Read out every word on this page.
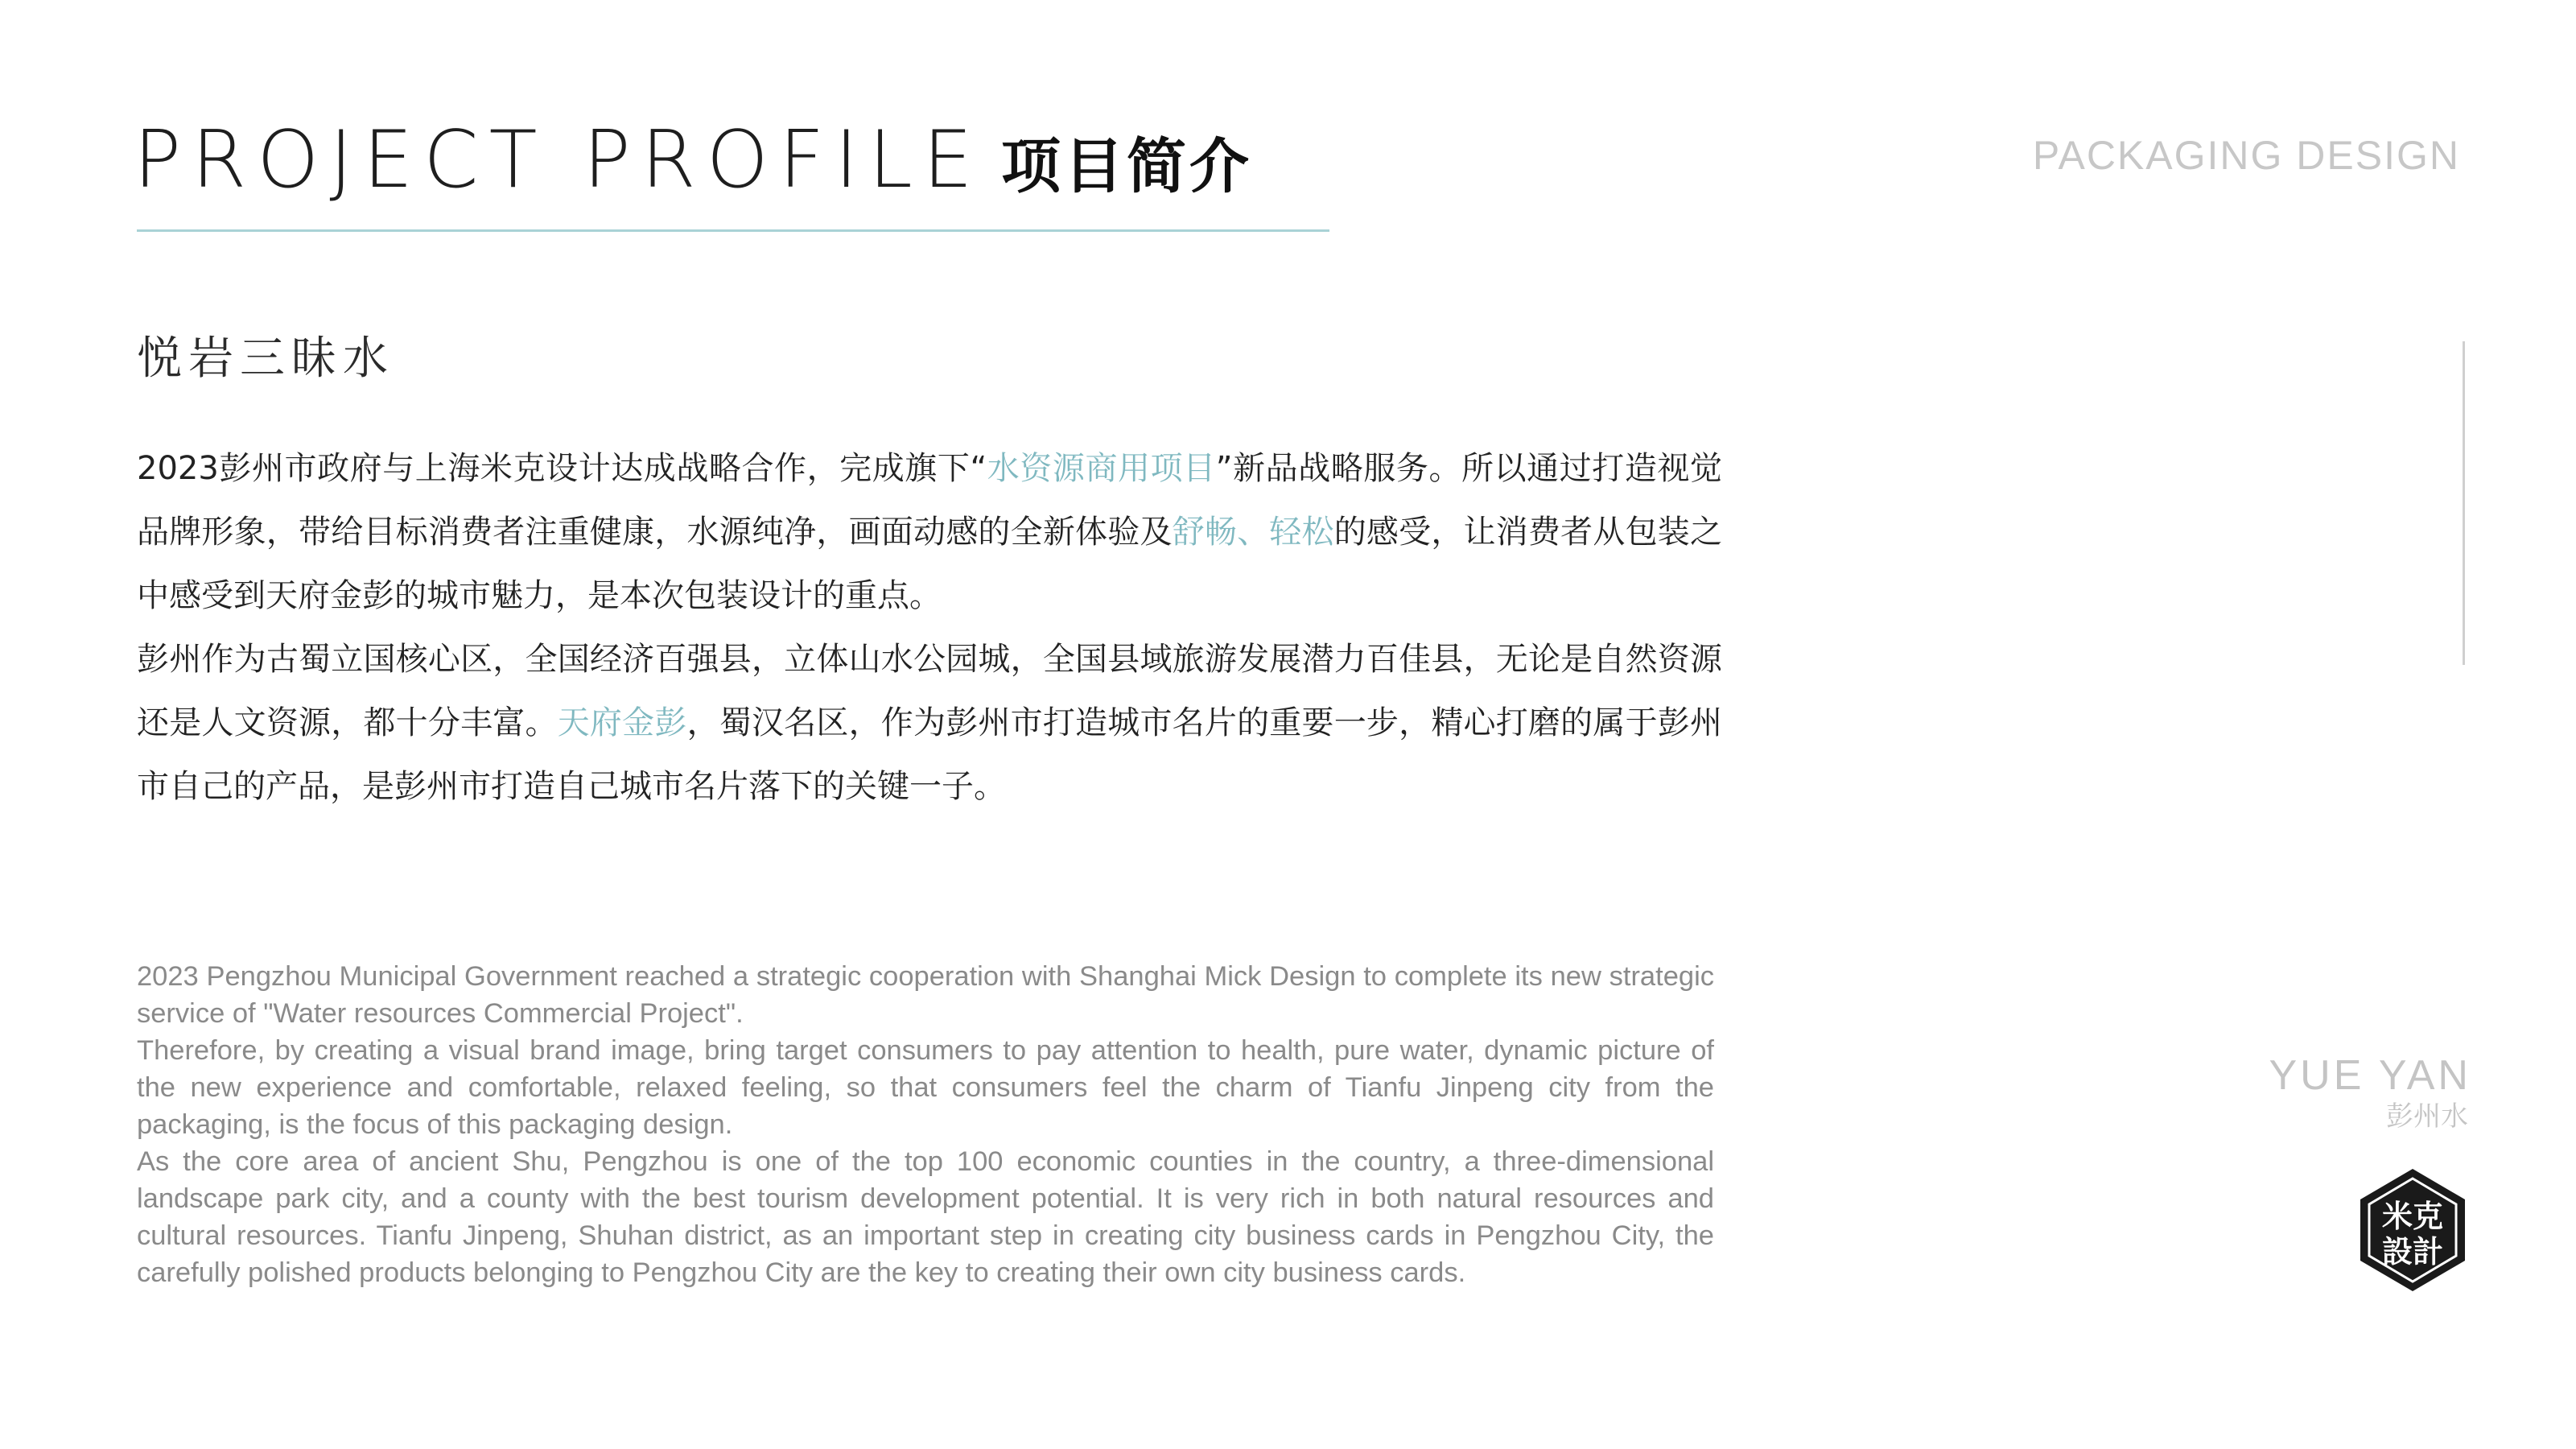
PROJECT PROFILE 项目简介	PACKAGING DESIGN
悦岩三昧水

2023彭州市政府与上海米克设计达成战略合作，完成旗下“水资源商用项目”新品战略服务。所以通过打造视觉品牌形象，带给目标消费者注重健康，水源纯净，画面动感的全新体验及舒畅、轻松的感受，让消费者从包装之中感受到天府金彭的城市魅力，是本次包装设计的重点。

彭州作为古蜀立国核心区，全国经济百强县，立体山水公园城，全国县域旅游发展潜力百佳县，无论是自然资源还是人文资源，都十分丰富。天府金彭，蜀汉名区，作为彭州市打造城市名片的重要一步，精心打磨的属于彭州市自己的产品，是彭州市打造自己城市名片落下的关键一子。

2023 Pengzhou Municipal Government reached a strategic cooperation with Shanghai Mick Design to complete its new strategic service of "Water resources Commercial Project".

Therefore, by creating a visual brand image, bring target consumers to pay attention to health, pure water, dynamic picture of the new experience and comfortable, relaxed feeling, so that consumers feel the charm of Tianfu Jinpeng city from the packaging, is the focus of this packaging design.

As the core area of ancient Shu, Pengzhou is one of the top 100 economic counties in the country, a three-dimensional landscape park city, and a county with the best tourism development potential. It is very rich in both natural resources and cultural resources. Tianfu Jinpeng, Shuhan district, as an important step in creating city business cards in Pengzhou City, the carefully polished products belonging to Pengzhou City are the key to creating their own city business cards.

YUE YAN
彭州水
米克
設計
